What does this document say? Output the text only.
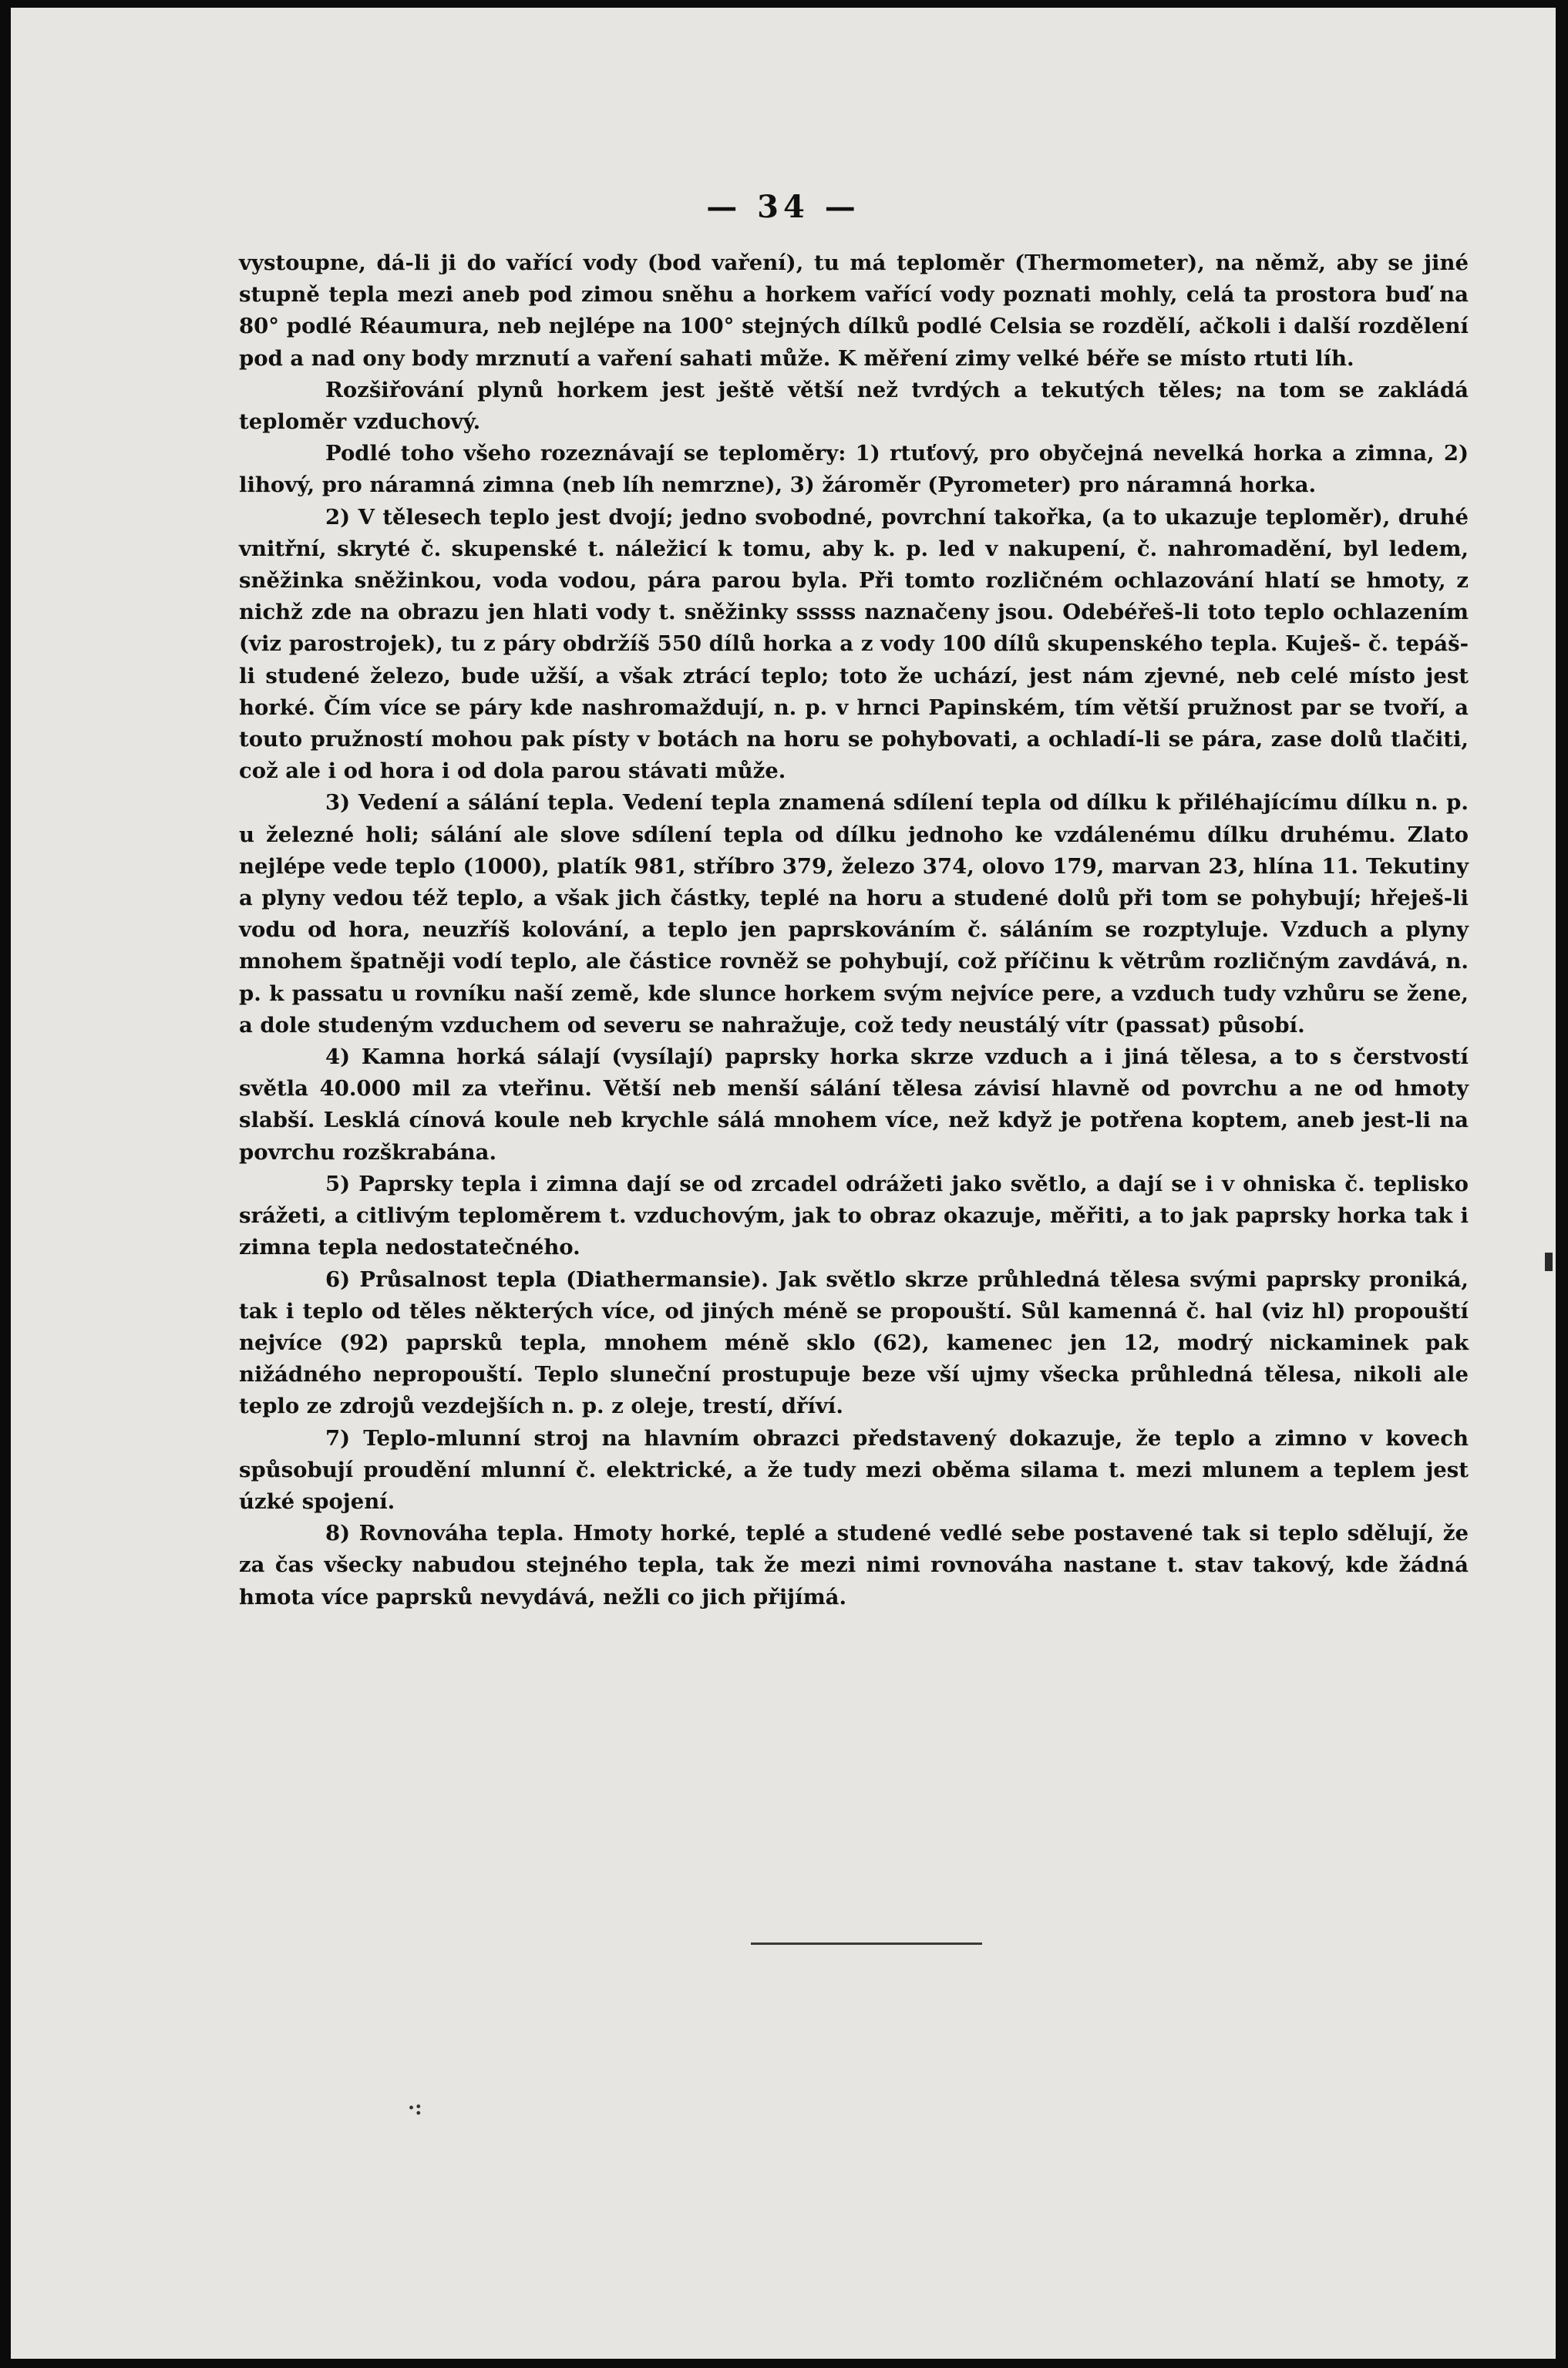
— 34 —

vystoupne, dá-li ji do vařící vody (bod vaření), tu má teploměr (Thermometer), na němž, aby se jiné stupně tepla mezi aneb pod zimou sněhu a horkem vařící vody poznati mohly, celá ta prostora buď na 80° podlé Réaumura, neb nejlépe na 100° stejných dílků podlé Celsia se rozdělí, ačkoli i další rozdělení pod a nad ony body mrznutí a vaření sahati může. K měření zimy velké béře se místo rtuti líh.

Rozšiřování plynů horkem jest ještě větší než tvrdých a tekutých těles; na tom se zakládá teploměr vzduchový.

Podlé toho všeho rozeznávají se teploměry: 1) rtuťový, pro obyčejná nevelká horka a zimna, 2) lihový, pro náramná zimna (neb líh nemrzne), 3) žároměr (Pyrometer) pro náramná horka.

2) V tělesech teplo jest dvojí; jedno svobodné, povrchní takořka, (a to ukazuje teploměr), druhé vnitřní, skryté č. skupenské t. náležicí k tomu, aby k. p. led v nakupení, č. nahromadění, byl ledem, sněžinka sněžinkou, voda vodou, pára parou byla. Při tomto rozličném ochlazování hlatí se hmoty, z nichž zde na obrazu jen hlati vody t. sněžinky sssss naznačeny jsou. Odebéřeš-li toto teplo ochlazením (viz parostrojek), tu z páry obdržíš 550 dílů horka a z vody 100 dílů skupenského tepla. Kuješ- č. tepáš-li studené železo, bude užší, a však ztrácí teplo; toto že uchází, jest nám zjevné, neb celé místo jest horké. Čím více se páry kde nashromaždují, n. p. v hrnci Papinském, tím větší pružnost par se tvoří, a touto pružností mohou pak písty v botách na horu se pohybovati, a ochladí-li se pára, zase dolů tlačiti, což ale i od hora i od dola parou stávati může.

3) Vedení a sálání tepla. Vedení tepla znamená sdílení tepla od dílku k přiléhajícímu dílku n. p. u železné holi; sálání ale slove sdílení tepla od dílku jednoho ke vzdálenému dílku druhému. Zlato nejlépe vede teplo (1000), platík 981, stříbro 379, železo 374, olovo 179, marvan 23, hlína 11. Tekutiny a plyny vedou též teplo, a však jich částky, teplé na horu a studené dolů při tom se pohybují; hřeješ-li vodu od hora, neuzříš kolování, a teplo jen paprskováním č. sáláním se rozptyluje. Vzduch a plyny mnohem špatněji vodí teplo, ale částice rovněž se pohybují, což příčinu k větrům rozličným zavdává, n. p. k passatu u rovníku naší země, kde slunce horkem svým nejvíce pere, a vzduch tudy vzhůru se žene, a dole studeným vzduchem od severu se nahražuje, což tedy neustálý vítr (passat) působí.

4) Kamna horká sálají (vysílají) paprsky horka skrze vzduch a i jiná tělesa, a to s čerstvostí světla 40.000 mil za vteřinu. Větší neb menší sálání tělesa závisí hlavně od povrchu a ne od hmoty slabší. Lesklá cínová koule neb krychle sálá mnohem více, než když je potřena koptem, aneb jest-li na povrchu rozškrabána.

5) Paprsky tepla i zimna dají se od zrcadel odrážeti jako světlo, a dají se i v ohniska č. teplisko srážeti, a citlivým teploměrem t. vzduchovým, jak to obraz okazuje, měřiti, a to jak paprsky horka tak i zimna tepla nedostatečného.

6) Průsalnost tepla (Diathermansie). Jak světlo skrze průhledná tělesa svými paprsky proniká, tak i teplo od těles některých více, od jiných méně se propouští. Sůl kamenná č. hal (viz hl) propouští nejvíce (92) paprsků tepla, mnohem méně sklo (62), kamenec jen 12, modrý nickaminek pak nižádného nepropouští. Teplo sluneční prostupuje beze vší ujmy všecka průhledná tělesa, nikoli ale teplo ze zdrojů vezdejších n. p. z oleje, trestí, dříví.

7) Teplo-mlunní stroj na hlavním obrazci představený dokazuje, že teplo a zimno v kovech spůsobují proudění mlunní č. elektrické, a že tudy mezi oběma silama t. mezi mlunem a teplem jest úzké spojení.

8) Rovnováha tepla. Hmoty horké, teplé a studené vedlé sebe postavené tak si teplo sdělují, že za čas všecky nabudou stejného tepla, tak že mezi nimi rovnováha nastane t. stav takový, kde žádná hmota více paprsků nevydává, nežli co jich přijímá.

·:
